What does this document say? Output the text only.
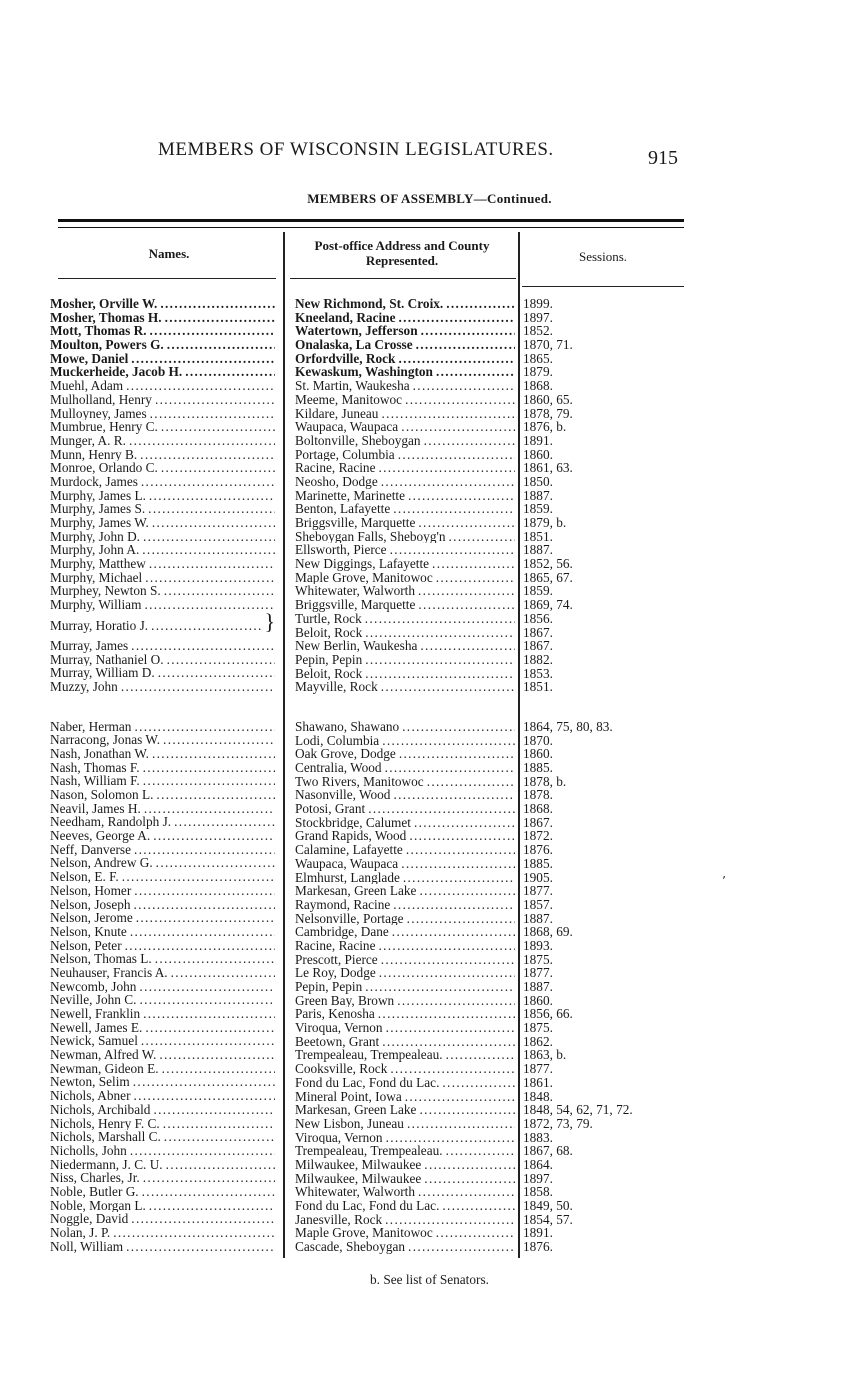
MEMBERS OF WISCONSIN LEGISLATURES.	915
MEMBERS OF ASSEMBLY—Continued.
Names.
Post-office Address and County Represented.	Sessions.
Mosher, Orville W.
. . .
Mosher, Thomas H.
. . .
Mott, Thomas R.
. . .
Moulton, Powers G.
. . .
Mowe, Daniel
. . .
Muckerheide, Jacob H.
. . .
Muehl, Adam
. . .
Mulholland, Henry
. . .
Mulloyney, James
. . .
Mumbrue, Henry C.
. . .
Munger, A. R.
. . .
Munn, Henry B.
. . .
Monroe, Orlando C.
. . .
Murdock, James
. . .
Murphy, James L.
. . .
Murphy, James S.
. . .
Murphy, James W.
. . .
Murphy, John D.
. . .
Murphy, John A.
. . .
Murphy, Matthew
. . .
Murphy, Michael
. . .
Murphey, Newton S.
. . .
Murphy, William
. . .
Murray, Horatio J.
. . .	}
Murray, James
. . .
Murray, Nathaniel O.
. . .
Murray, William D.
. . .
Muzzy, John
. . .
Naber, Herman
. . .
Narracong, Jonas W.
. . .
Nash, Jonathan W.
. . .
Nash, Thomas F.
. . .
Nash, William F.
. . .
Nason, Solomon L.
. . .
Neavil, James H.
. . .
Needham, Randolph J.
. . .
Neeves, George A.
. . .
Neff, Danverse
. . .
Nelson, Andrew G.
. . .
Nelson, E. F.
. . .
Nelson, Homer
. . .
Nelson, Joseph
. . .
Nelson, Jerome
. . .
Nelson, Knute
. . .
Nelson, Peter
. . .
Nelson, Thomas L.
. . .
Neuhauser, Francis A.
. . .
Newcomb, John
. . .
Neville, John C.
. . .
Newell, Franklin
. . .
Newell, James E.
. . .
Newick, Samuel
. . .
Newman, Alfred W.
. . .
Newman, Gideon E.
. . .
Newton, Selim
. . .
Nichols, Abner
. . .
Nichols, Archibald
. . .
Nichols, Henry F. C.
. . .
Nichols, Marshall C.
. . .
Nicholls, John
. . .
Niedermann, J. C. U.
. . .
Niss, Charles, Jr.
. . .
Noble, Butler G.
. . .
Noble, Morgan L.
. . .
Noggle, David
. . .
Nolan, J. P.
. . .
Noll, William
. . .
New Richmond, St. Croix.
. . .
Kneeland, Racine
. . .
Watertown, Jefferson
. . .
Onalaska, La Crosse
. . .
Orfordville, Rock
. . .
Kewaskum, Washington
. . .
St. Martin, Waukesha
. . .
Meeme, Manitowoc
. . .
Kildare, Juneau
. . .
Waupaca, Waupaca
. . .
Boltonville, Sheboygan
. . .
Portage, Columbia
. . .
Racine, Racine
. . .
Neosho, Dodge
. . .
Marinette, Marinette
. . .
Benton, Lafayette
. . .
Briggsville, Marquette
. . .
Sheboygan Falls, Sheboyg'n
. . .
Ellsworth, Pierce
. . .
New Diggings, Lafayette
. . .
Maple Grove, Manitowoc
. . .
Whitewater, Walworth
. . .
Briggsville, Marquette
. . .
Turtle, Rock
. . .
Beloit, Rock
. . .
New Berlin, Waukesha
. . .
Pepin, Pepin
. . .
Beloit, Rock
. . .
Mayville, Rock
. . .
Shawano, Shawano
. . .
Lodi, Columbia
. . .
Oak Grove, Dodge
. . .
Centralia, Wood
. . .
Two Rivers, Manitowoc
. . .
Nasonville, Wood
. . .
Potosi, Grant
. . .
Stockbridge, Calumet
. . .
Grand Rapids, Wood
. . .
Calamine, Lafayette
. . .
Waupaca, Waupaca
. . .
Elmhurst, Langlade
. . .
Markesan, Green Lake
. . .
Raymond, Racine
. . .
Nelsonville, Portage
. . .
Cambridge, Dane
. . .
Racine, Racine
. . .
Prescott, Pierce
. . .
Le Roy, Dodge
. . .
Pepin, Pepin
. . .
Green Bay, Brown
. . .
Paris, Kenosha
. . .
Viroqua, Vernon
. . .
Beetown, Grant
. . .
Trempealeau, Trempealeau.
. . .
Cooksville, Rock
. . .
Fond du Lac, Fond du Lac.
. . .
Mineral Point, Iowa
. . .
Markesan, Green Lake
. . .
New Lisbon, Juneau
. . .
Viroqua, Vernon
. . .
Trempealeau, Trempealeau.
. . .
Milwaukee, Milwaukee
. . .
Milwaukee, Milwaukee
. . .
Whitewater, Walworth
. . .
Fond du Lac, Fond du Lac.
. . .
Janesville, Rock
. . .
Maple Grove, Manitowoc
. . .
Cascade, Sheboygan
. . .
1899.
1897.
1852.
1870, 71.
1865.
1879.
1868.
1860, 65.
1878, 79.
1876, b.
1891.
1860.
1861, 63.
1850.
1887.
1859.
1879, b.
1851.
1887.
1852, 56.
1865, 67.
1859.
1869, 74.
1856.
1867.
1867.
1882.
1853.
1851.
1864, 75, 80, 83.
1870.
1860.
1885.
1878, b.
1878.
1868.
1867.
1872.
1876.
1885.
1905.
1877.
1857.
1887.
1868, 69.
1893.
1875.
1877.
1887.
1860.
1856, 66.
1875.
1862.
1863, b.
1877.
1861.
1848.
1848, 54, 62, 71, 72.
1872, 73, 79.
1883.
1867, 68.
1864.
1897.
1858.
1849, 50.
1854, 57.
1891.
1876.
b. See list of Senators.
’
